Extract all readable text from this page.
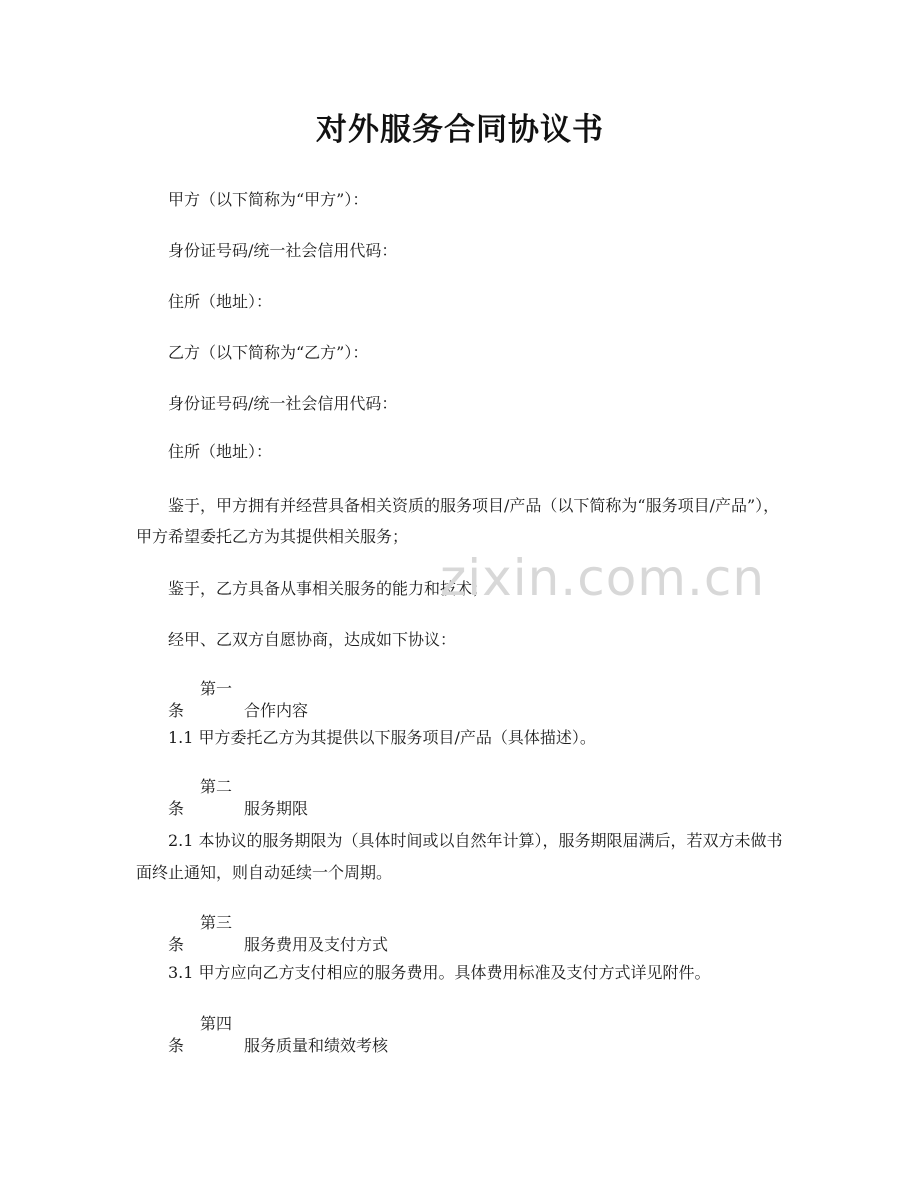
对外服务合同协议书
甲方（以下简称为“甲方”）：
身份证号码/统一社会信用代码：
住所（地址）：
乙方（以下简称为“乙方”）：
身份证号码/统一社会信用代码：
住所（地址）：
鉴于，甲方拥有并经营具备相关资质的服务项目/产品（以下简称为“服务项目/产品”），甲方希望委托乙方为其提供相关服务；
鉴于，乙方具备从事相关服务的能力和技术；
经甲、乙双方自愿协商，达成如下协议：
第一条	合作内容
1.1 甲方委托乙方为其提供以下服务项目/产品（具体描述）。
第二条	服务期限
2.1 本协议的服务期限为（具体时间或以自然年计算），服务期限届满后，若双方未做书面终止通知，则自动延续一个周期。
第三条	服务费用及支付方式
3.1 甲方应向乙方支付相应的服务费用。具体费用标准及支付方式详见附件。
第四条	服务质量和绩效考核
zixin.com.cn
